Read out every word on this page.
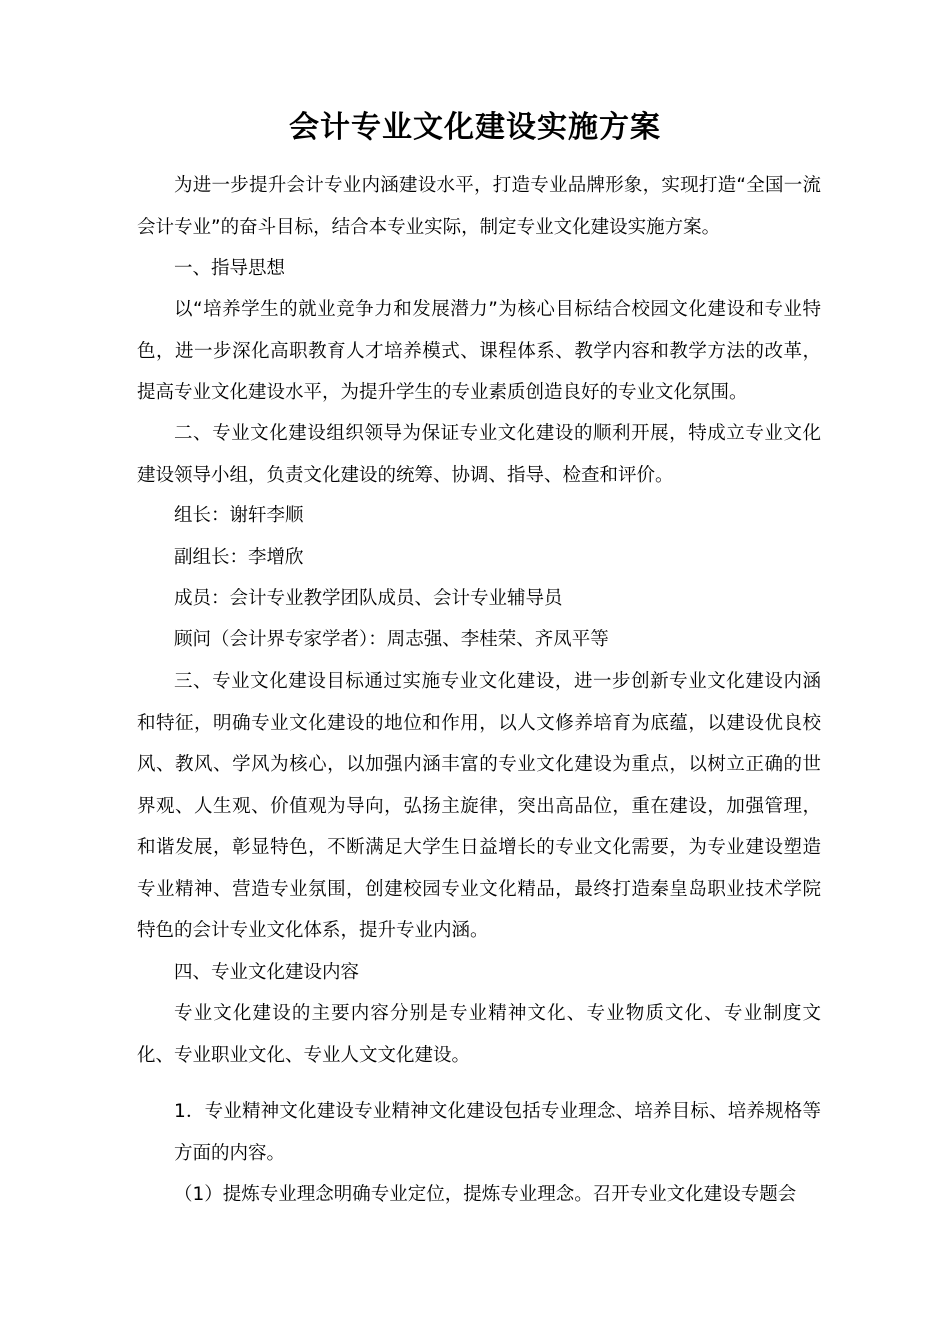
会计专业文化建设实施方案

为进一步提升会计专业内涵建设水平，打造专业品牌形象，实现打造“全国一流会计专业”的奋斗目标，结合本专业实际，制定专业文化建设实施方案。

一、指导思想

以“培养学生的就业竞争力和发展潜力”为核心目标结合校园文化建设和专业特色，进一步深化高职教育人才培养模式、课程体系、教学内容和教学方法的改革，提高专业文化建设水平，为提升学生的专业素质创造良好的专业文化氛围。

二、专业文化建设组织领导为保证专业文化建设的顺利开展，特成立专业文化建设领导小组，负责文化建设的统筹、协调、指导、检查和评价。

组长：谢轩李顺

副组长：李增欣

成员：会计专业教学团队成员、会计专业辅导员

顾问（会计界专家学者）：周志强、李桂荣、齐凤平等

三、专业文化建设目标通过实施专业文化建设，进一步创新专业文化建设内涵和特征，明确专业文化建设的地位和作用，以人文修养培育为底蕴，以建设优良校风、教风、学风为核心，以加强内涵丰富的专业文化建设为重点，以树立正确的世界观、人生观、价值观为导向，弘扬主旋律，突出高品位，重在建设，加强管理，和谐发展，彰显特色，不断满足大学生日益增长的专业文化需要，为专业建设塑造专业精神、营造专业氛围，创建校园专业文化精品，最终打造秦皇岛职业技术学院特色的会计专业文化体系，提升专业内涵。

四、专业文化建设内容

专业文化建设的主要内容分别是专业精神文化、专业物质文化、专业制度文化、专业职业文化、专业人文文化建设。

1．专业精神文化建设专业精神文化建设包括专业理念、培养目标、培养规格等方面的内容。

（1）提炼专业理念明确专业定位，提炼专业理念。召开专业文化建设专题会
